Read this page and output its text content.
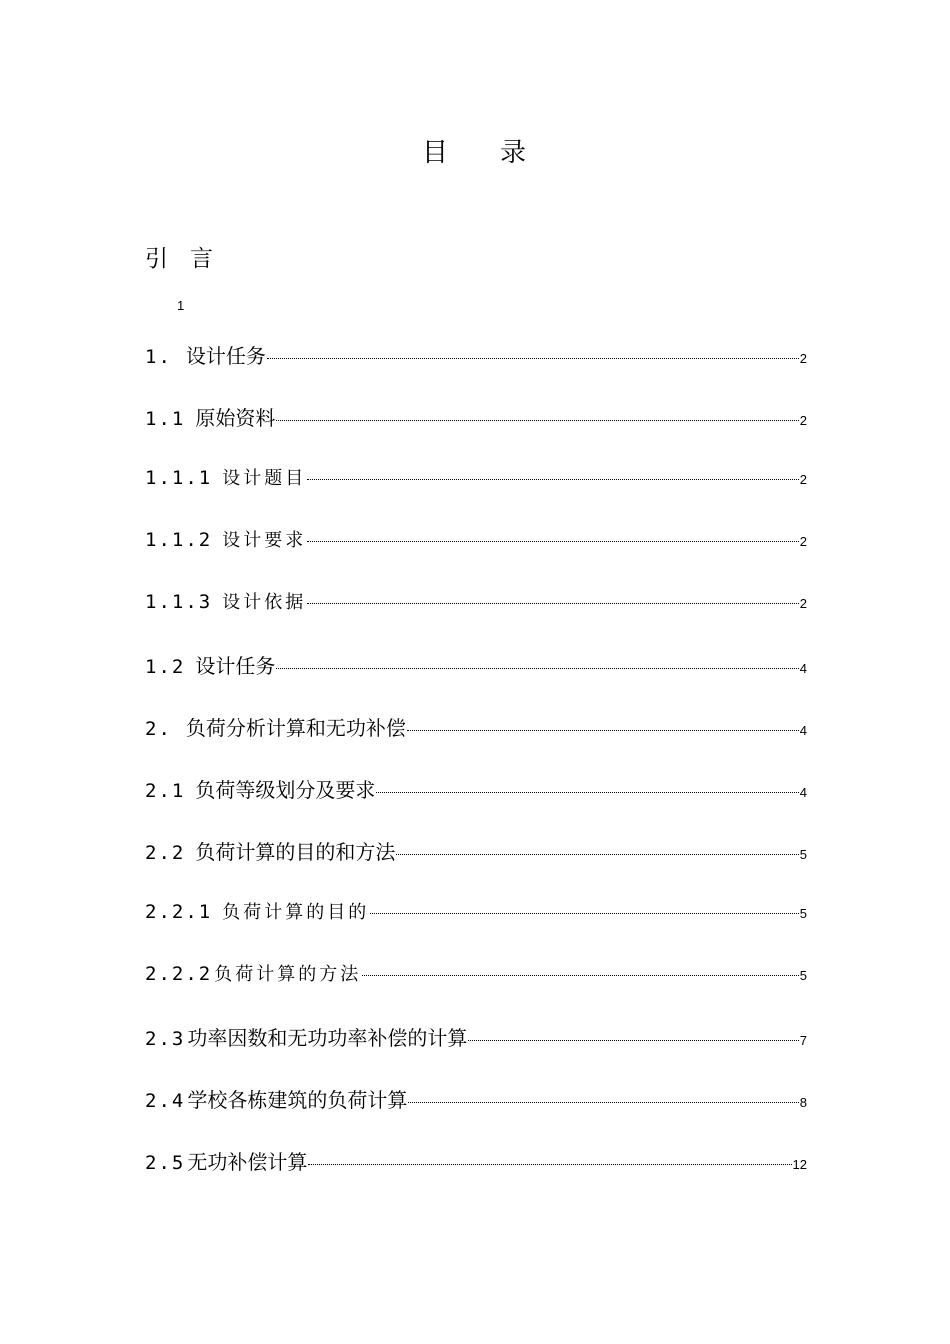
目 录
引 言
1
1. 设计任务	2
1.1 原始资料	2
1.1.1 设计题目	2
1.1.2 设计要求	2
1.1.3 设计依据	2
1.2 设计任务	4
2. 负荷分析计算和无功补偿	4
2.1 负荷等级划分及要求	4
2.2 负荷计算的目的和方法	5
2.2.1 负荷计算的目的	5
2.2.2 负荷计算的方法	5
2.3 功率因数和无功功率补偿的计算	7
2.4 学校各栋建筑的负荷计算	8
2.5 无功补偿计算	12
